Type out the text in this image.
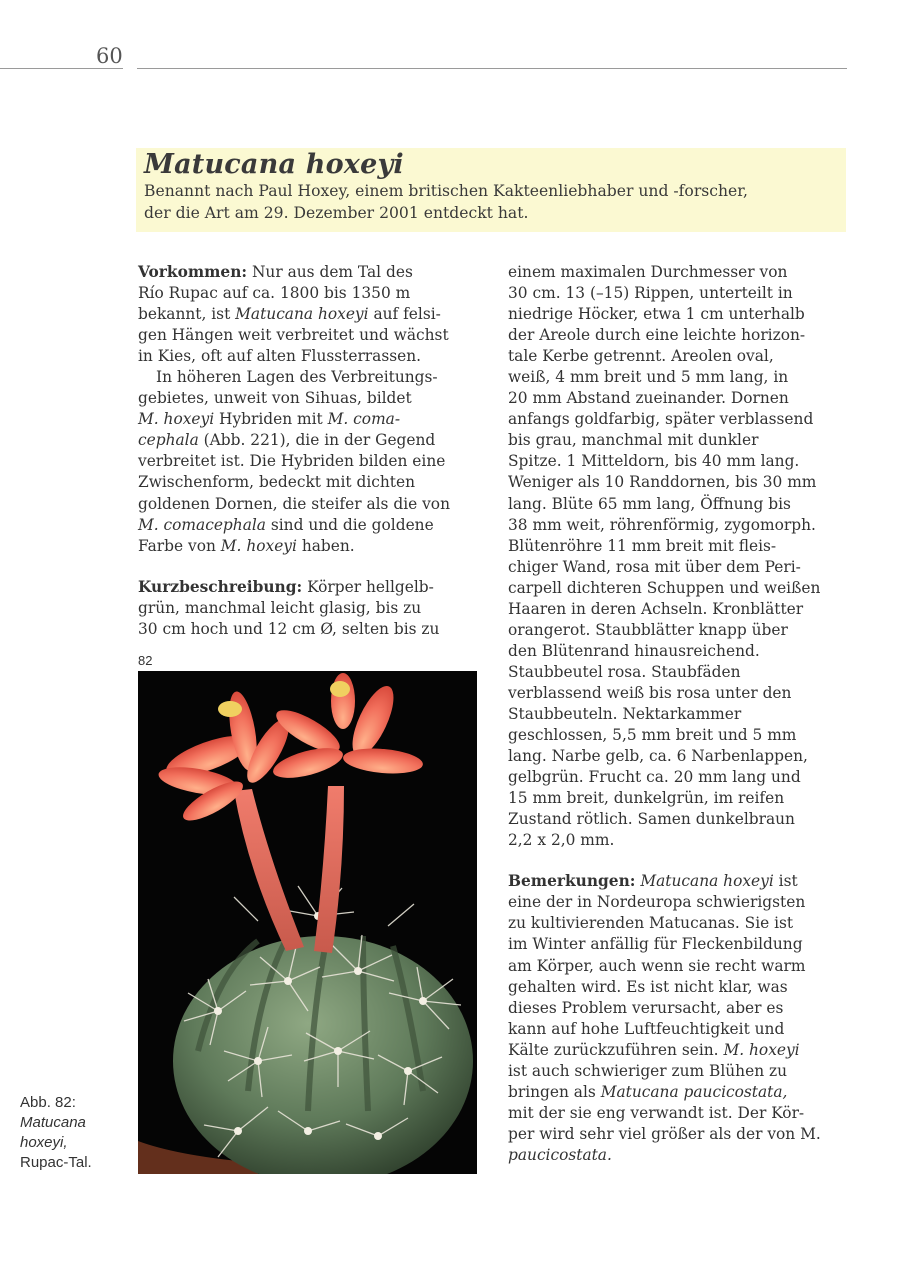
60
Matucana hoxeyi
Benannt nach Paul Hoxey, einem britischen Kakteenliebhaber und -forscher,
der die Art am 29. Dezember 2001 entdeckt hat.

Vorkommen: Nur aus dem Tal des

Río Rupac auf ca. 1800 bis 1350 m

bekannt, ist Matucana hoxeyi auf felsi-

gen Hängen weit verbreitet und wächst

in Kies, oft auf alten Flussterrassen.

In höheren Lagen des Verbreitungs-

gebietes, unweit von Sihuas, bildet

M. hoxeyi Hybriden mit M. coma-

cephala (Abb. 221), die in der Gegend

verbreitet ist. Die Hybriden bilden eine

Zwischenform, bedeckt mit dichten

goldenen Dornen, die steifer als die von

M. comacephala sind und die goldene

Farbe von M. hoxeyi haben.

Kurzbeschreibung: Körper hellgelb-

grün, manchmal leicht glasig, bis zu

30 cm hoch und 12 cm Ø, selten bis zu

82
Abb. 82:
Matucana
hoxeyi,
Rupac-Tal.

einem maximalen Durchmesser von

30 cm. 13 (–15) Rippen, unterteilt in

niedrige Höcker, etwa 1 cm unterhalb

der Areole durch eine leichte horizon-

tale Kerbe getrennt. Areolen oval,

weiß, 4 mm breit und 5 mm lang, in

20 mm Abstand zueinander. Dornen

anfangs goldfarbig, später verblassend

bis grau, manchmal mit dunkler

Spitze. 1 Mitteldorn, bis 40 mm lang.

Weniger als 10 Randdornen, bis 30 mm

lang. Blüte 65 mm lang, Öffnung bis

38 mm weit, röhrenförmig, zygomorph.

Blütenröhre 11 mm breit mit fleis-

chiger Wand, rosa mit über dem Peri-

carpell dichteren Schuppen und weißen

Haaren in deren Achseln. Kronblätter

orangerot. Staubblätter knapp über

den Blütenrand hinausreichend.

Staubbeutel rosa. Staubfäden

verblassend weiß bis rosa unter den

Staubbeuteln. Nektarkammer

geschlossen, 5,5 mm breit und 5 mm

lang. Narbe gelb, ca. 6 Narbenlappen,

gelbgrün. Frucht ca. 20 mm lang und

15 mm breit, dunkelgrün, im reifen

Zustand rötlich. Samen dunkelbraun

2,2 x 2,0 mm.

Bemerkungen: Matucana hoxeyi ist

eine der in Nordeuropa schwierigsten

zu kultivierenden Matucanas. Sie ist

im Winter anfällig für Fleckenbildung

am Körper, auch wenn sie recht warm

gehalten wird. Es ist nicht klar, was

dieses Problem verursacht, aber es

kann auf hohe Luftfeuchtigkeit und

Kälte zurückzuführen sein. M. hoxeyi

ist auch schwieriger zum Blühen zu

bringen als Matucana paucicostata,

mit der sie eng verwandt ist. Der Kör-

per wird sehr viel größer als der von M.

paucicostata.
